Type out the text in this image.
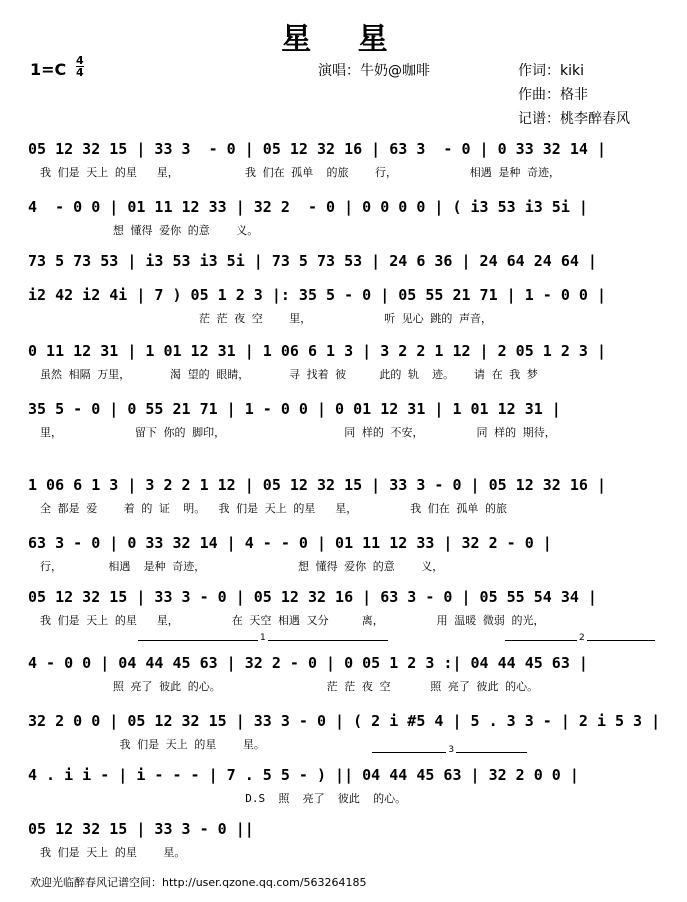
星 星
1=C 4
4	演唱：牛奶@咖啡	作词：kiki
作曲：格非
记谱：桃李醉春风
05 12 32 15 | 33 3  - 0 | 05 12 32 16 | 63 3  - 0 | 0 33 32 14 |
我 们是 天上 的星   星，          我 们在 孤单  的旅    行，           相遇 是种 奇迹，
4  - 0 0 | 01 11 12 33 | 32 2  - 0 | 0 0 0 0 | ( i3 53 i3 5i |
想 懂得 爱你 的意    义。
73 5 73 53 | i3 53 i3 5i | 73 5 73 53 | 24 6 36 | 24 64 24 64 |
i2 42 i2 4i | 7 ) 05 1 2 3 |: 35 5 - 0 | 05 55 21 71 | 1 - 0 0 |
茫 茫 夜 空    里，           听 见心 跳的 声音，
0 11 12 31 | 1 01 12 31 | 1 06 6 1 3 | 3 2 2 1 12 | 2 05 1 2 3 |
虽然 相隔 万里，      渴 望的 眼睛，      寻 找着 彼     此的 轨  迹。   请 在 我 梦
35 5 - 0 | 0 55 21 71 | 1 - 0 0 | 0 01 12 31 | 1 01 12 31 |
里，           留下 你的 脚印，                  同 样的 不安，        同 样的 期待，
1 06 6 1 3 | 3 2 2 1 12 | 05 12 32 15 | 33 3 - 0 | 05 12 32 16 |
全 都是 爱    着 的 证  明。  我 们是 天上 的星   星，        我 们在 孤单 的旅
63 3 - 0 | 0 33 32 14 | 4 - - 0 | 01 11 12 33 | 32 2 - 0 |
行，       相遇  是种 奇迹，              想 懂得 爱你 的意    义，
05 12 32 15 | 33 3 - 0 | 05 12 32 16 | 63 3 - 0 | 05 55 54 34 |
我 们是 天上 的星   星，        在 天空 相遇 又分     离，        用 温暖 微弱 的光，
4 - 0 0 | 04 44 45 63 | 32 2 - 0 | 0 05 1 2 3 :| 04 44 45 63 |
照 亮了 彼此 的心。                茫 茫 夜 空      照 亮了 彼此 的心。
32 2 0 0 | 05 12 32 15 | 33 3 - 0 | ( 2 i #5 4 | 5 . 3 3 - | 2 i 5 3 |
我 们是 天上 的星    星。
4 . i i - | i - - - | 7 . 5 5 - ) || 04 44 45 63 | 32 2 0 0 |
D.S  照  亮了  彼此  的心。
05 12 32 15 | 33 3 - 0 ||
我 们是 天上 的星    星。
1	2
3
欢迎光临醉春风记谱空间：http://user.qzone.qq.com/563264185
